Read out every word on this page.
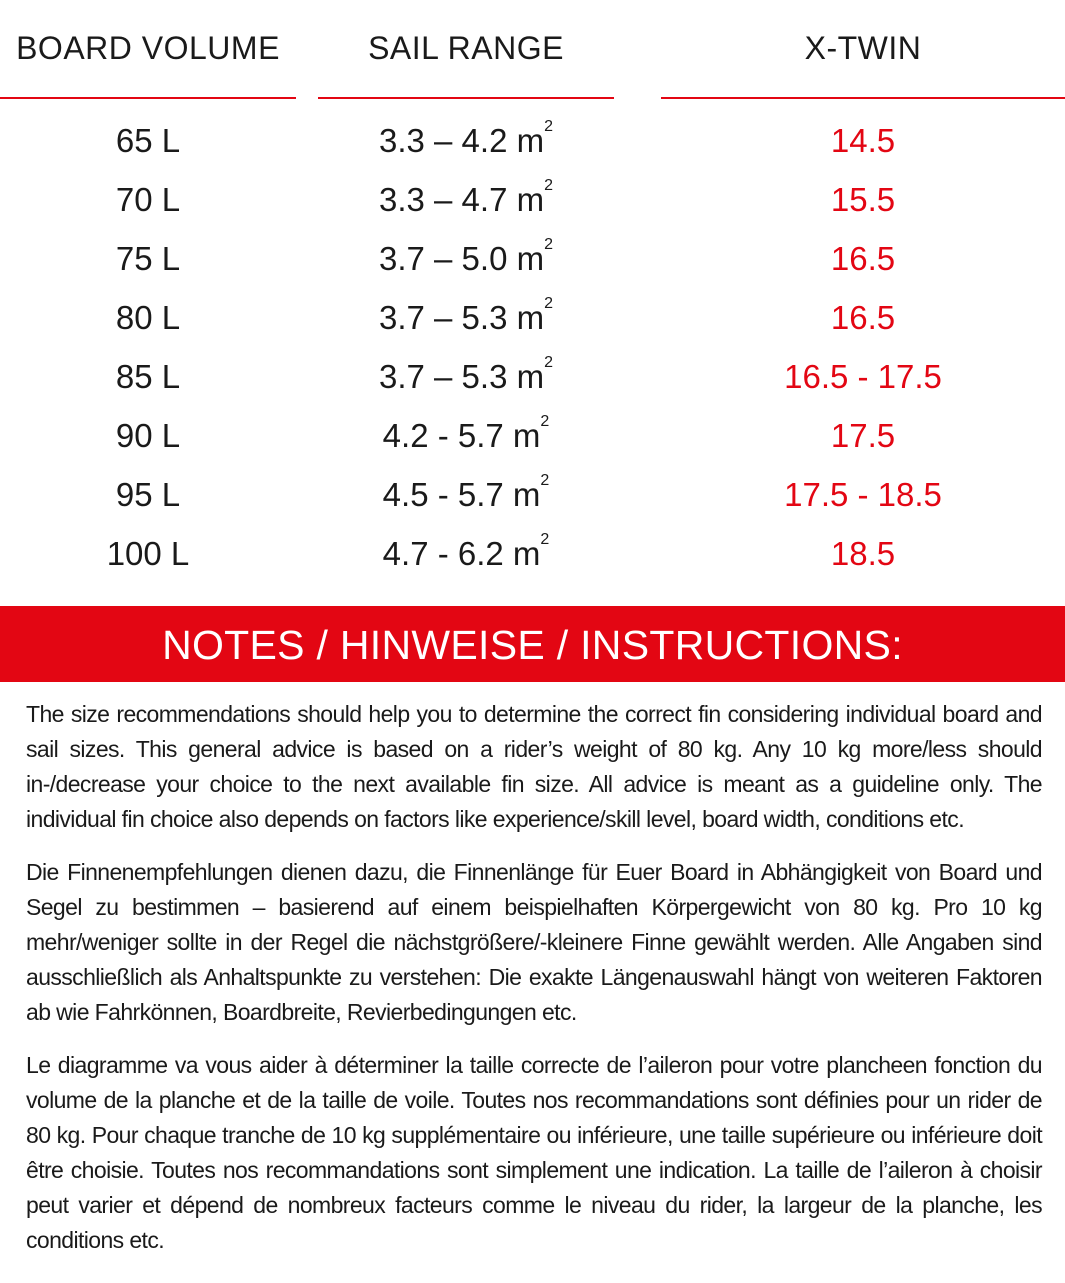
BOARD VOLUME	SAIL RANGE	X-TWIN
65 L	3.3 – 4.2 $m^2$	14.5
70 L	3.3 – 4.7 $m^2$	15.5
75 L	3.7 – 5.0 $m^2$	16.5
80 L	3.7 – 5.3 $m^2$	16.5
85 L	3.7 – 5.3 $m^2$	16.5 - 17.5
90 L	4.2 - 5.7 $m^2$	17.5
95 L	4.5 - 5.7 $m^2$	17.5 - 18.5
100 L	4.7 - 6.2 $m^2$	18.5
NOTES / HINWEISE / INSTRUCTIONS:

The size recommendations should help you to determine the correct fin considering individual board and sail sizes. This general advice is based on a rider’s weight of 80 kg. Any 10 kg more/less should in-/decrease your choice to the next available fin size. All advice is meant as a guideline only. The individual fin choice also depends on factors like experience/skill level, board width, conditions etc.

Die Finnenempfehlungen dienen dazu, die Finnenlänge für Euer Board in Abhängigkeit von Board und Segel zu bestimmen – basierend auf einem beispielhaften Körpergewicht von 80 kg. Pro 10 kg mehr/weniger sollte in der Regel die nächstgrößere/-kleinere Finne gewählt werden. Alle Angaben sind ausschließlich als Anhaltspunkte zu verstehen: Die exakte Längenauswahl hängt von weiteren Faktoren ab wie Fahrkönnen, Boardbreite, Revierbedingungen etc.

Le diagramme va vous aider à déterminer la taille correcte de l’aileron pour votre plancheen fonction du volume de la planche et de la taille de voile. Toutes nos recommandations sont définies pour un rider de 80 kg. Pour chaque tranche de 10 kg supplémentaire ou inférieure, une taille supérieure ou inférieure doit être choisie. Toutes nos recommandations sont simplement une indication. La taille de l’aileron à choisir peut varier et dépend de nombreux facteurs comme le niveau du rider, la largeur de la planche, les conditions etc.
